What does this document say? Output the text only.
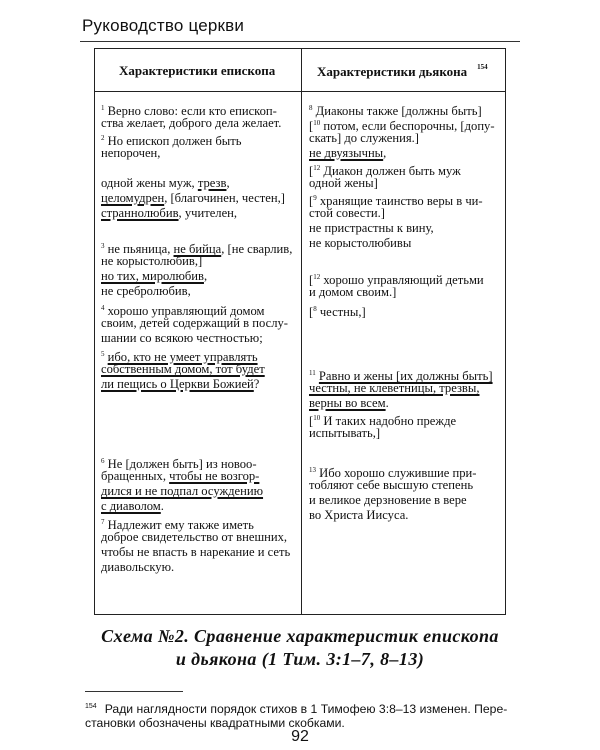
Руководство церкви
Характеристики епископа	Характеристики дьякона $^{154}$
$^1$ Верно слово: если кто епископ-
ства желает, доброго дела желает.
$^2$ Но епископ должен быть
непорочен,
одной жены муж, трезв,
целомудрен, [благочинен, честен,]
страннолюбив, учителен,
$^3$ не пьяница, не бийца, [не сварлив,
не корыстолюбив,]
но тих, миролюбив,
не сребролюбив,
$^4$ хорошо управляющий домом
своим, детей содержащий в послу-
шании со всякою честностью;
$^5$ ибо, кто не умеет управлять
собственным домом, тот будет
ли пещись о Церкви Божией?
$^6$ Не [должен быть] из новоо-
бращенных, чтобы не возгор-
дился и не подпал осуждению
с диаволом.
$^7$ Надлежит ему также иметь
доброе свидетельство от внешних,
чтобы не впасть в нарекание и сеть
диавольскую.
$^8$ Диаконы также [должны быть]
[$^{10}$ потом, если беспорочны, [допу-
скать] до служения.]
не двуязычны,
[$^{12}$ Диакон должен быть муж
одной жены]
[$^9$ хранящие таинство веры в чи-
стой совести.]
не пристрастны к вину,
не корыстолюбивы
[$^{12}$ хорошо управляющий детьми
и домом своим.]
[$^8$ честны,]
$^{11}$ Равно и жены [их должны быть]
честны, не клеветницы, трезвы,
верны во всем.
[$^{10}$ И таких надобно прежде
испытывать,]
$^{13}$ Ибо хорошо служившие при-
тобляют себе высшую степень
и великое дерзновение в вере
во Христа Иисуса.
Схема №2. Сравнение характеристик епископа
и дьякона (1 Тим. 3:1–7, 8–13)
$^{154}$ Ради наглядности порядок стихов в 1 Тимофею 3:8–13 изменен. Пере-
становки обозначены квадратными скобками.
92
